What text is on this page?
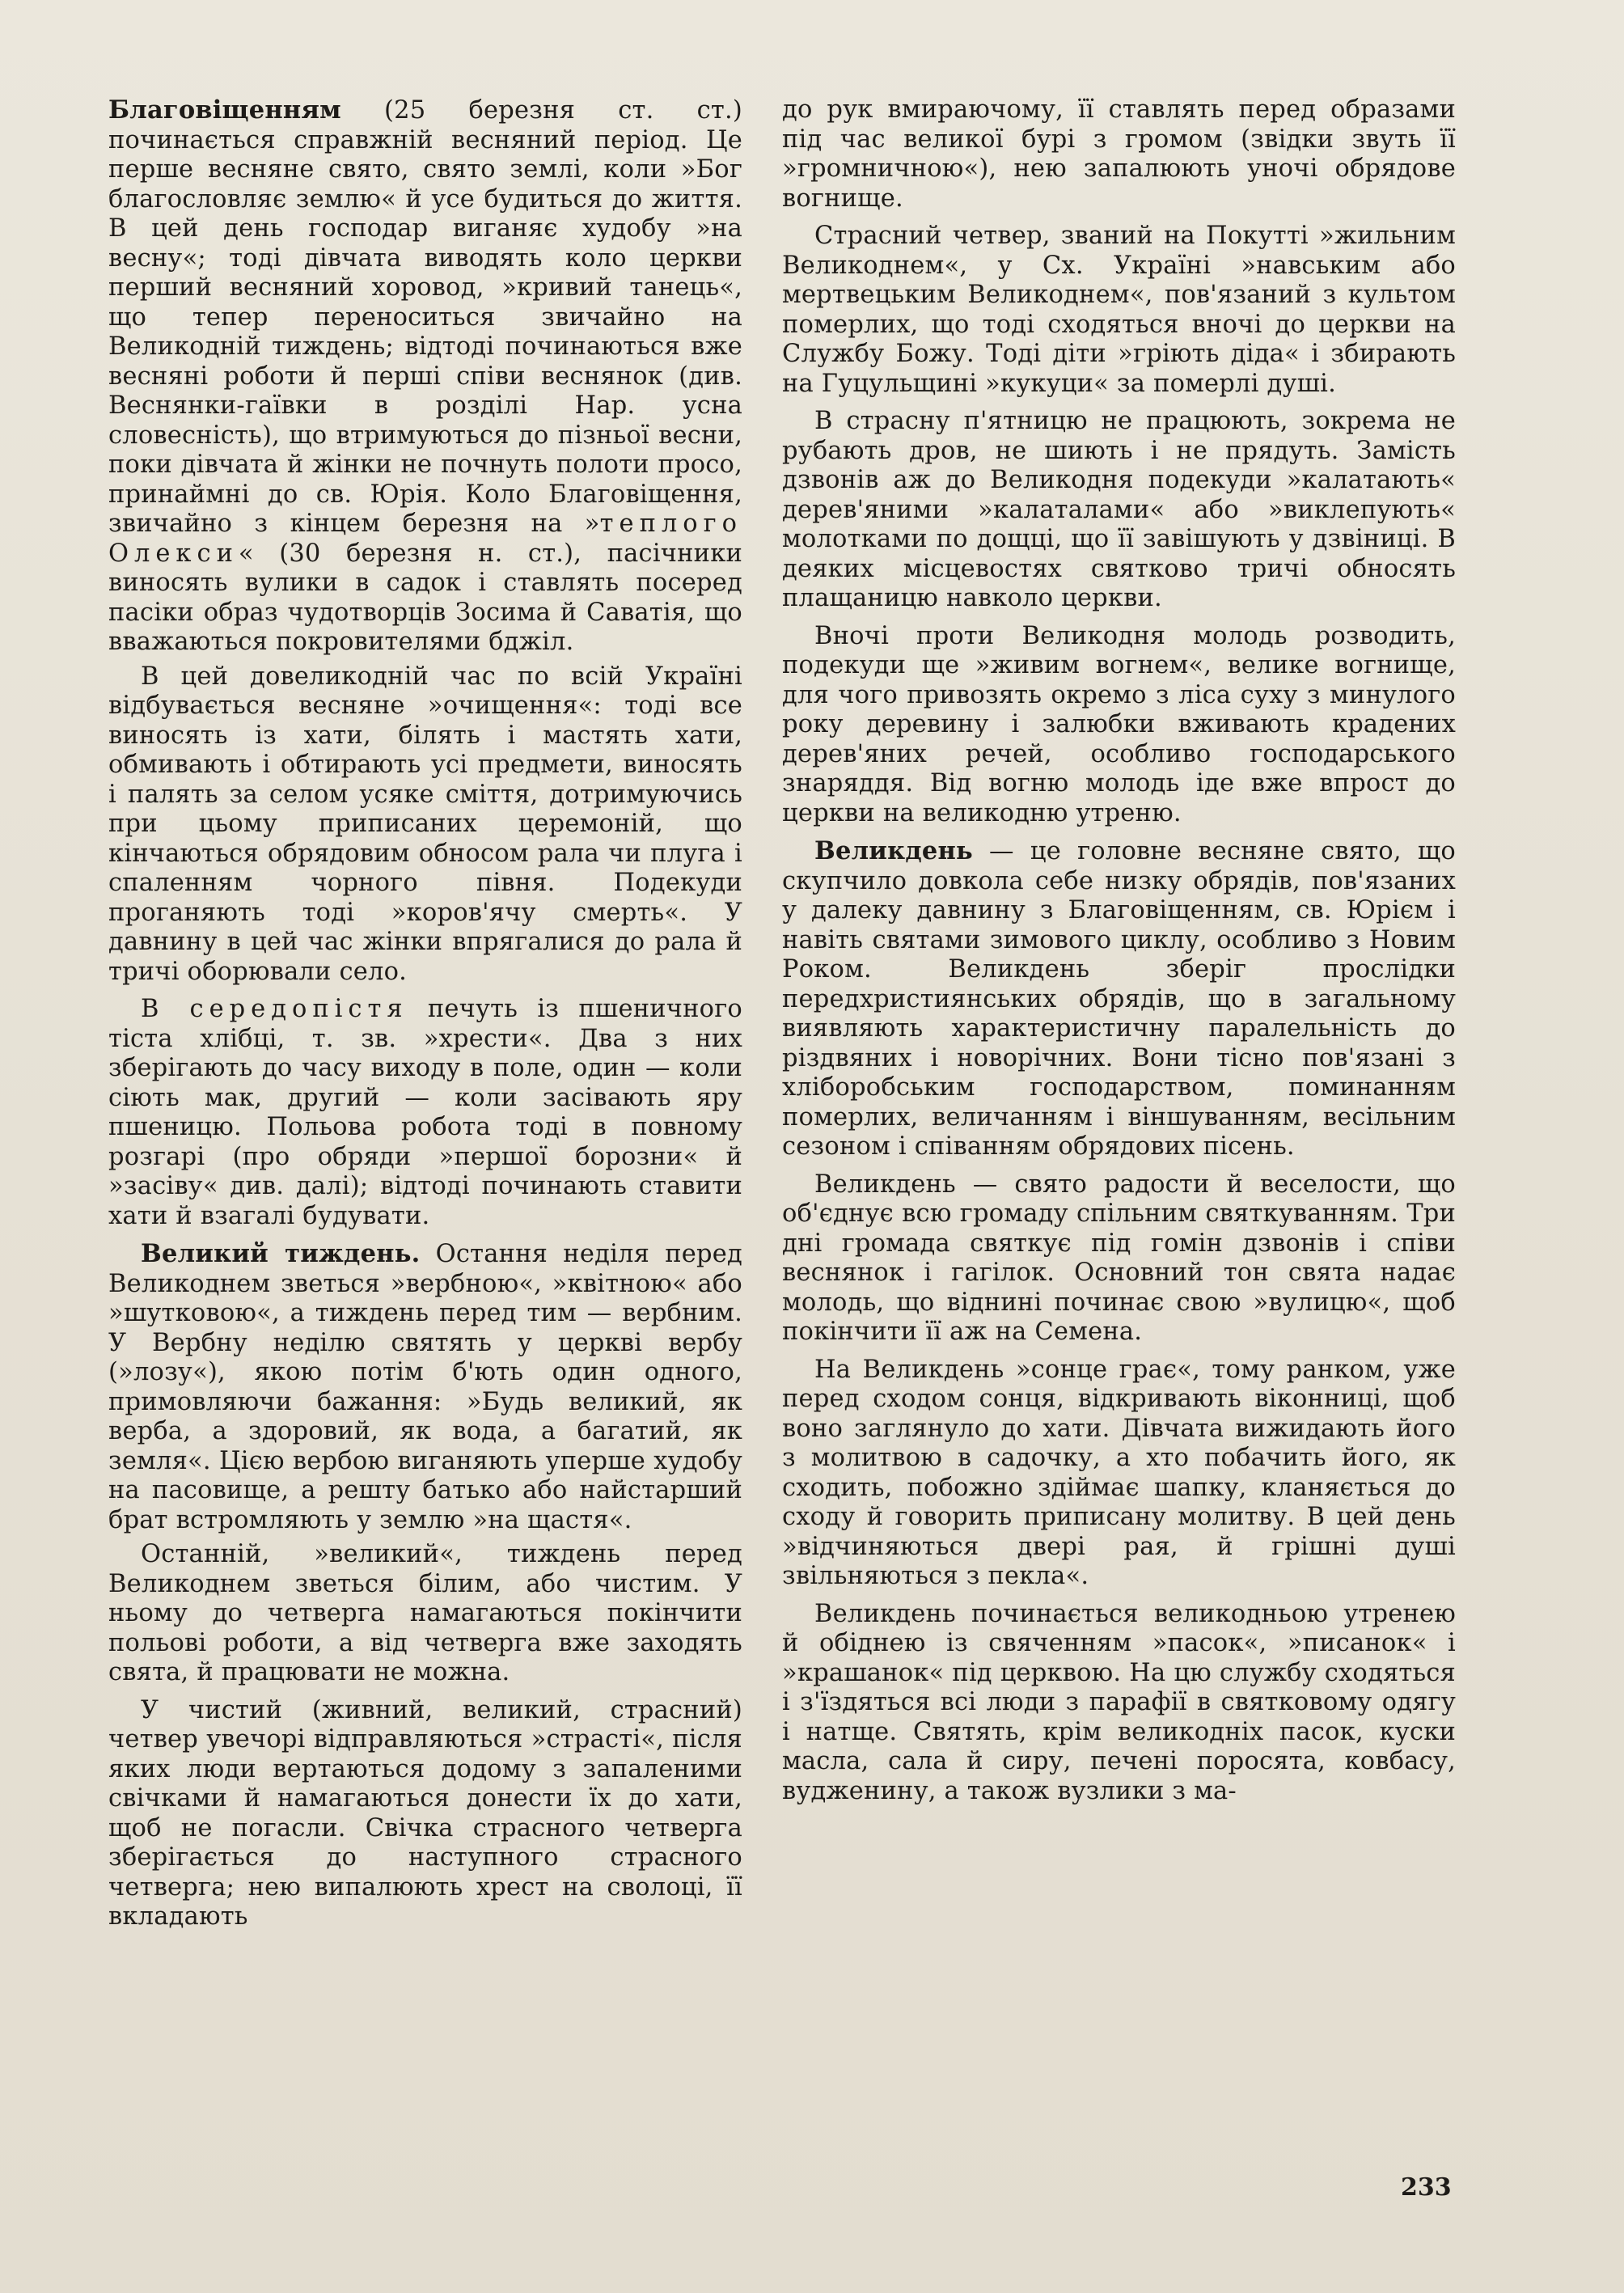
Благовіщенням (25 березня ст. ст.) починається справжній весняний період. Це перше весняне свято, свято землі, коли »Бог благословляє землю« й усе будиться до життя. В цей день господар виганяє худобу »на весну«; тоді дівчата виводять коло церкви перший весняний хоровод, »кривий танець«, що тепер переноситься звичайно на Великодній тиждень; відтоді починаються вже весняні роботи й перші співи веснянок (див. Веснянки-гаївки в розділі Нар. усна словесність), що втримуються до пізньої весни, поки дівчата й жінки не почнуть полоти просо, принаймні до св. Юрія. Коло Благовіщення, звичайно з кінцем березня на »теплого Олекси« (30 березня н. ст.), пасічники виносять вулики в садок і ставлять посеред пасіки образ чудотворців Зосима й Саватія, що вважаються покровителями бджіл.

В цей довеликодній час по всій Україні відбувається весняне »очищення«: тоді все виносять із хати, білять і мастять хати, обмивають і обтирають усі предмети, виносять і палять за селом усяке сміття, дотримуючись при цьому приписаних церемоній, що кінчаються обрядовим обносом рала чи плуга і спаленням чорного півня. Подекуди проганяють тоді »коров'ячу смерть«. У давнину в цей час жінки впрягалися до рала й тричі оборювали село.

В середопістя печуть із пшеничного тіста хлібці, т. зв. »хрести«. Два з них зберігають до часу виходу в поле, один — коли сіють мак, другий — коли засівають яру пшеницю. Польова робота тоді в повному розгарі (про обряди »першої борозни« й »засіву« див. далі); відтоді починають ставити хати й взагалі будувати.

Великий тиждень. Остання неділя перед Великоднем зветься »вербною«, »квітною« або »шутковою«, а тиждень перед тим — вербним. У Вербну неділю святять у церкві вербу (»лозу«), якою потім б'ють один одного, примовляючи бажання: »Будь великий, як верба, а здоровий, як вода, а багатий, як земля«. Цією вербою виганяють уперше худобу на пасовище, а решту батько або найстарший брат встромляють у землю »на щастя«.

Останній, »великий«, тиждень перед Великоднем зветься білим, або чистим. У ньому до четверга намагаються покінчити польові роботи, а від четверга вже заходять свята, й працювати не можна.

У чистий (живний, великий, страсний) четвер увечорі відправляються »страсті«, після яких люди вертаються додому з запаленими свічками й намагаються донести їх до хати, щоб не погасли. Свічка страсного четверга зберігається до наступного страсного четверга; нею випалюють хрест на сволоці, її вкладають

до рук вмираючому, її ставлять перед образами під час великої бурі з громом (звідки звуть її »громничною«), нею запалюють уночі обрядове вогнище.

Страсний четвер, званий на Покутті »жильним Великоднем«, у Сх. Україні »навським або мертвецьким Великоднем«, пов'язаний з культом померлих, що тоді сходяться вночі до церкви на Службу Божу. Тоді діти »гріють діда« і збирають на Гуцульщині »кукуци« за померлі душі.

В страсну п'ятницю не працюють, зокрема не рубають дров, не шиють і не прядуть. Замість дзвонів аж до Великодня подекуди »калатають« дерев'яними »калаталами« або »виклепують« молотками по дощці, що її завішують у дзвіниці. В деяких місцевостях святково тричі обносять плащаницю навколо церкви.

Вночі проти Великодня молодь розводить, подекуди ще »живим вогнем«, велике вогнище, для чого привозять окремо з ліса суху з минулого року деревину і залюбки вживають крадених дерев'яних речей, особливо господарського знаряддя. Від вогню молодь іде вже впрост до церкви на великодню утреню.

Великдень — це головне весняне свято, що скупчило довкола себе низку обрядів, пов'язаних у далеку давнину з Благовіщенням, св. Юрієм і навіть святами зимового циклу, особливо з Новим Роком. Великдень зберіг прослідки передхристиянських обрядів, що в загальному виявляють характеристичну паралельність до різдвяних і новорічних. Вони тісно пов'язані з хліборобським господарством, поминанням померлих, величанням і віншуванням, весільним сезоном і співанням обрядових пісень.

Великдень — свято радости й веселости, що об'єднує всю громаду спільним святкуванням. Три дні громада святкує під гомін дзвонів і співи веснянок і гагілок. Основний тон свята надає молодь, що віднині починає свою »вулицю«, щоб покінчити її аж на Семена.

На Великдень »сонце грає«, тому ранком, уже перед сходом сонця, відкривають віконниці, щоб воно заглянуло до хати. Дівчата вижидають його з молитвою в садочку, а хто побачить його, як сходить, побожно здіймає шапку, кланяється до сходу й говорить приписану молитву. В цей день »відчиняються двері рая, й грішні душі звільняються з пекла«.

Великдень починається великодньою утренею й обіднею із свяченням »пасок«, »писанок« і »крашанок« під церквою. На цю службу сходяться і з'їздяться всі люди з парафії в святковому одягу і натще. Святять, крім великодніх пасок, куски масла, сала й сиру, печені поросята, ковбасу, вудженину, а також вузлики з ма-

233
